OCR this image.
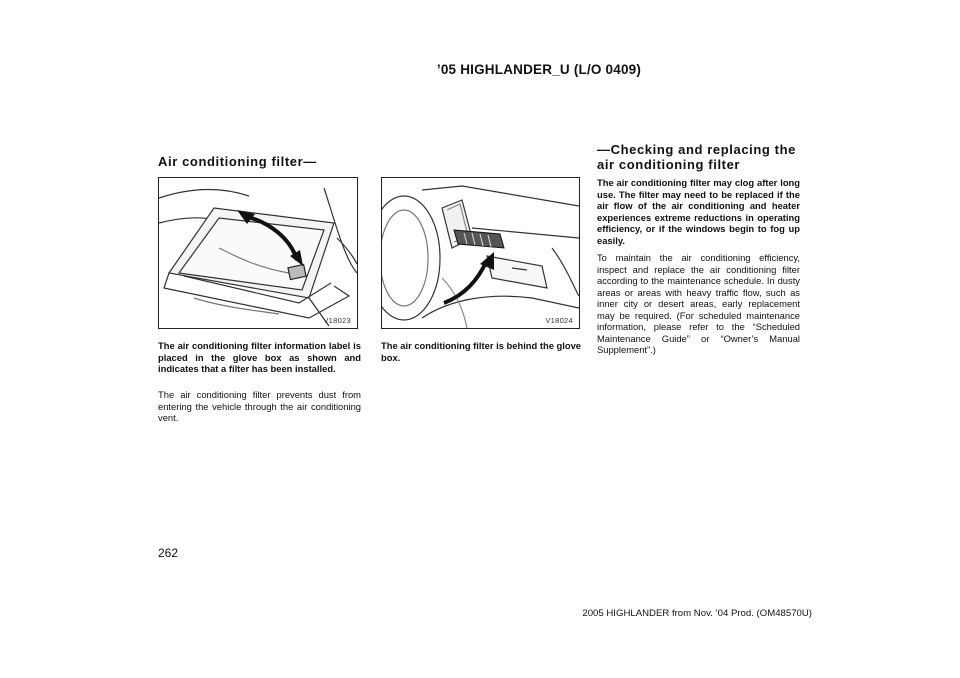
’05 HIGHLANDER_U (L/O 0409)
Air conditioning filter—
—Checking and replacing the air conditioning filter
V18023	V18024
The air conditioning filter information label is placed in the glove box as shown and indicates that a filter has been installed.
The air conditioning filter prevents dust from entering the vehicle through the air conditioning vent.
The air conditioning filter is behind the glove box.
The air conditioning filter may clog after long use. The filter may need to be replaced if the air flow of the air conditioning and heater experiences extreme reductions in operating efficiency, or if the windows begin to fog up easily.
To maintain the air conditioning efficiency, inspect and replace the air conditioning filter according to the maintenance schedule. In dusty areas or areas with heavy traffic flow, such as inner city or desert areas, early replacement may be required. (For scheduled maintenance information, please refer to the “Scheduled Maintenance Guide” or “Owner’s Manual Supplement”.)
262
2005 HIGHLANDER from Nov. ’04 Prod. (OM48570U)
